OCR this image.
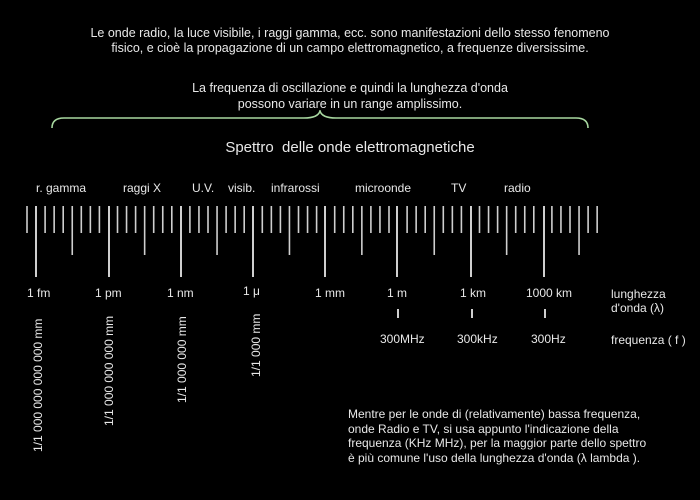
Le onde radio, la luce visibile, i raggi gamma, ecc. sono manifestazioni dello stesso fenomeno
fisico, e cioè la propagazione di un campo elettromagnetico, a frequenze diversissime.
La frequenza di oscillazione e quindi la lunghezza d'onda
possono variare in un range amplissimo.
Spettro delle onde elettromagnetiche
r. gamma	raggi X	U.V. visib. infrarossi	microonde	TV	radio
1 fm	1 pm	1 nm	1 μ	1 mm	1 m	1 km	1000 km	lunghezza
d'onda (λ)
300MHz	300kHz	300Hz	frequenza ( f )
1/1 000 000 000 000 mm	1/1 000 000 000 mm	1/1 000 000 mm	1/1 000 mm
Mentre per le onde di (relativamente) bassa frequenza,
onde Radio e TV, si usa appunto l'indicazione della
frequenza (KHz MHz), per la maggior parte dello spettro
è più comune l'uso della lunghezza d'onda (λ lambda ).
